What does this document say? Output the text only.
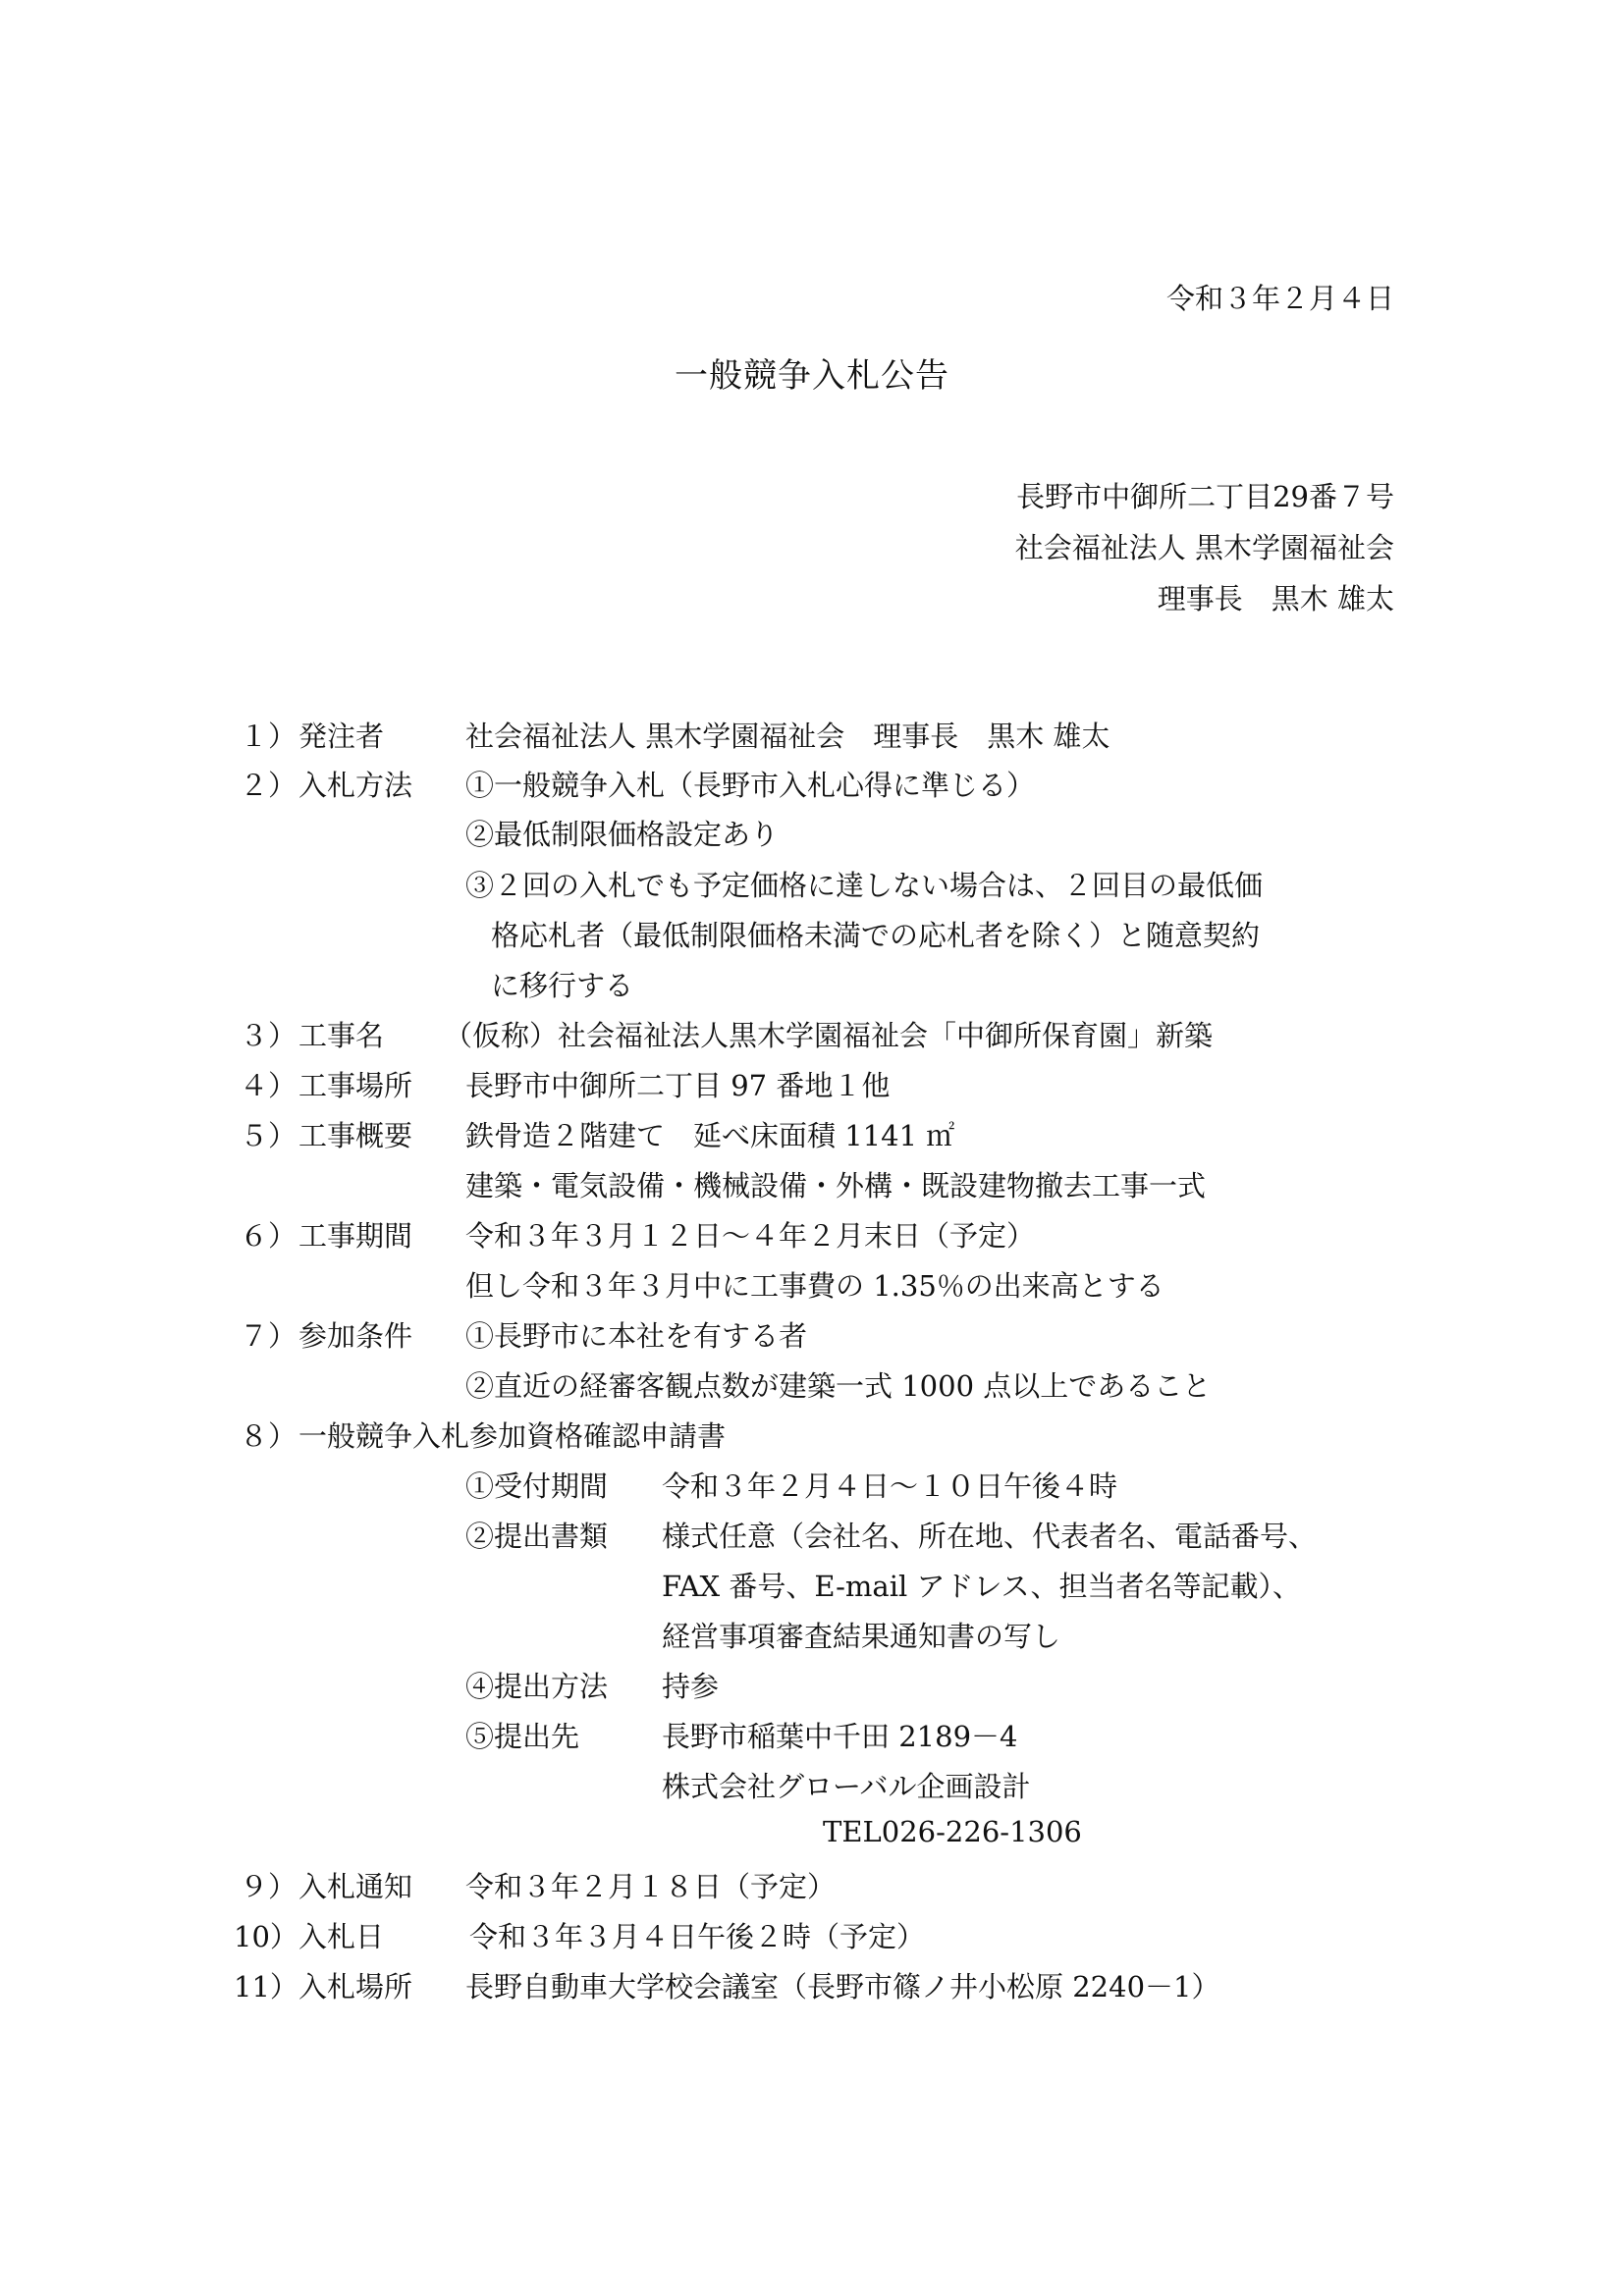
令和３年２月４日
一般競争入札公告
長野市中御所二丁目29番７号
社会福祉法人 黒木学園福祉会
理事長　黒木 雄太
１） 発注者	社会福祉法人 黒木学園福祉会　理事長　黒木 雄太
２） 入札方法 ①一般競争入札（長野市入札心得に準じる）
②最低制限価格設定あり
③２回の入札でも予定価格に達しない場合は、２回目の最低価
格応札者（最低制限価格未満での応札者を除く）と随意契約
に移行する
３） 工事名 （仮称）社会福祉法人黒木学園福祉会「中御所保育園」新築
４） 工事場所 長野市中御所二丁目 97 番地１他
５） 工事概要 鉄骨造２階建て　延べ床面積 1141 ㎡
建築・電気設備・機械設備・外構・既設建物撤去工事一式
６） 工事期間 令和３年３月１２日～４年２月末日（予定）
但し令和３年３月中に工事費の 1.35％の出来高とする
７） 参加条件 ①長野市に本社を有する者
②直近の経審客観点数が建築一式 1000 点以上であること
８） 一般競争入札参加資格確認申請書
①受付期間 令和３年２月４日～１０日午後４時
②提出書類 様式任意（会社名、所在地、代表者名、電話番号、
FAX 番号、E-mail アドレス、担当者名等記載）、
経営事項審査結果通知書の写し
④提出方法 持参
⑤提出先	長野市稲葉中千田 2189－4
株式会社グローバル企画設計
TEL026-226-1306
９） 入札通知 令和３年２月１８日（予定）
10） 入札日	令和３年３月４日午後２時（予定）
11） 入札場所 長野自動車大学校会議室（長野市篠ノ井小松原 2240－1）
